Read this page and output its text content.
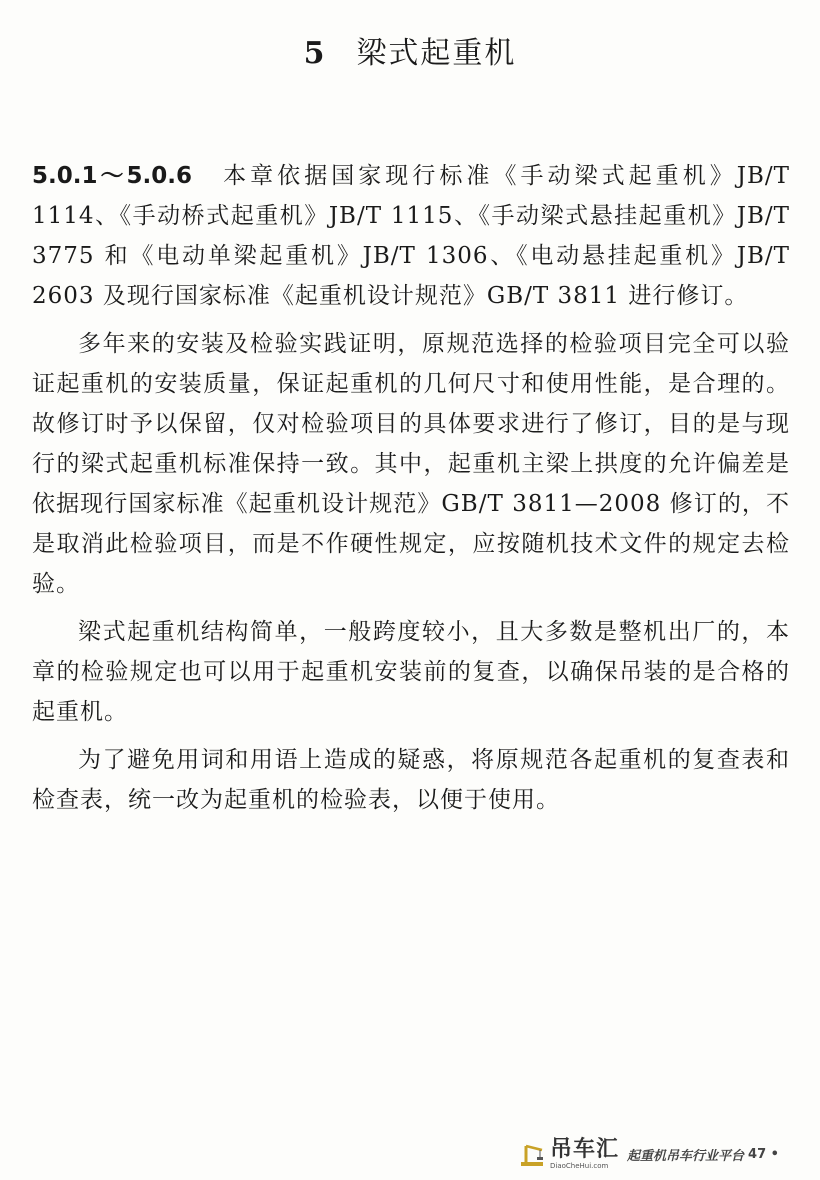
5 梁式起重机

5.0.1～5.0.6 本章依据国家现行标准《手动梁式起重机》JB/T 1114、《手动桥式起重机》JB/T 1115、《手动梁式悬挂起重机》JB/T 3775 和《电动单梁起重机》JB/T 1306、《电动悬挂起重机》JB/T 2603 及现行国家标准《起重机设计规范》GB/T 3811 进行修订。

多年来的安装及检验实践证明，原规范选择的检验项目完全可以验证起重机的安装质量，保证起重机的几何尺寸和使用性能，是合理的。故修订时予以保留，仅对检验项目的具体要求进行了修订，目的是与现行的梁式起重机标准保持一致。其中，起重机主梁上拱度的允许偏差是依据现行国家标准《起重机设计规范》GB/T 3811—2008 修订的，不是取消此检验项目，而是不作硬性规定，应按随机技术文件的规定去检验。

梁式起重机结构简单，一般跨度较小，且大多数是整机出厂的，本章的检验规定也可以用于起重机安装前的复查，以确保吊装的是合格的起重机。

为了避免用词和用语上造成的疑惑，将原规范各起重机的复查表和检查表，统一改为起重机的检验表，以便于使用。

吊车汇
DiaoCheHui.com
起重机吊车行业平台 47 •
